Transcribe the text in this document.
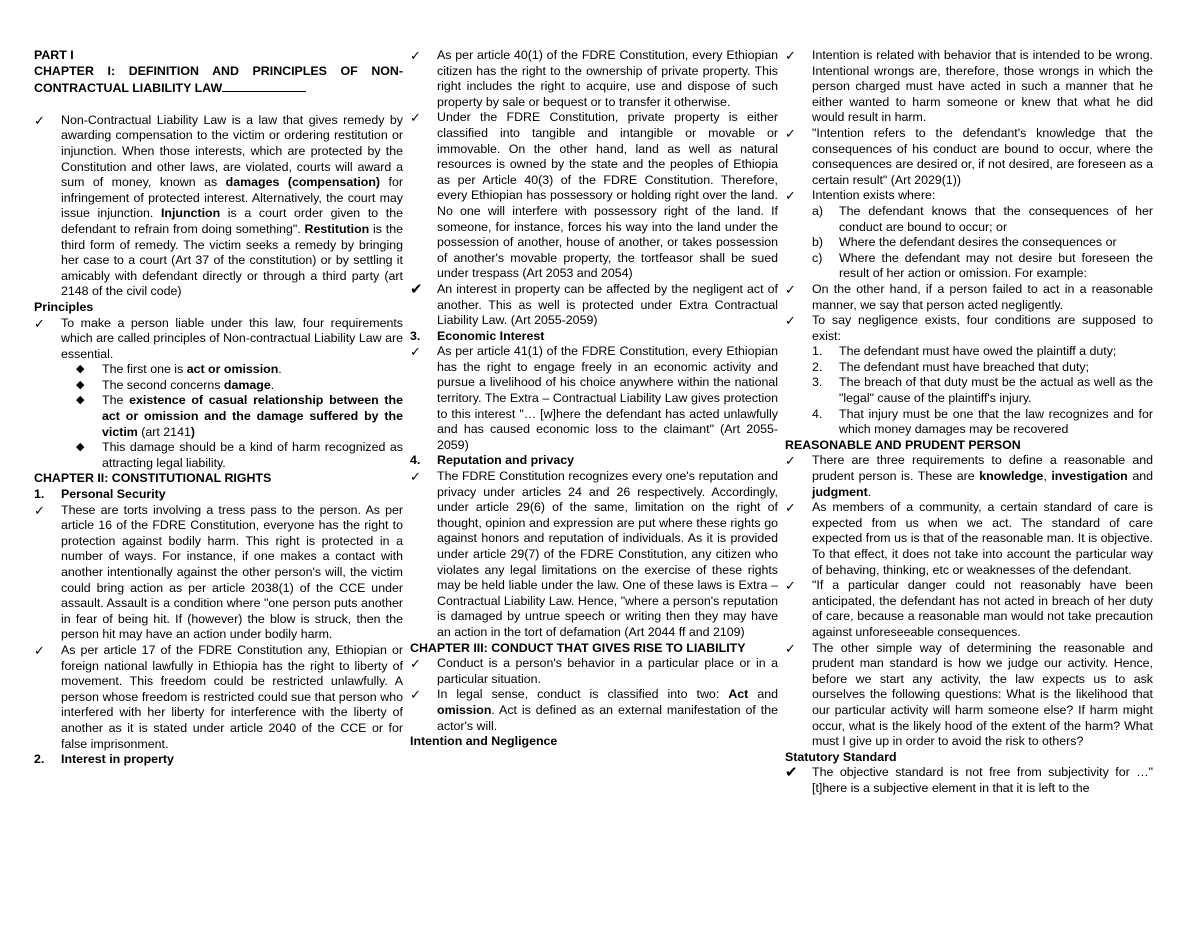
PART I

CHAPTER I: DEFINITION AND PRINCIPLES OF NON-CONTRACTUAL LIABILITY LAW

✓ Non-Contractual Liability Law is a law that gives remedy by awarding compensation to the victim or ordering restitution or injunction. When those interests, which are protected by the Constitution and other laws, are violated, courts will award a sum of money, known as damages (compensation) for infringement of protected interest. Alternatively, the court may issue injunction. Injunction is a court order given to the defendant to refrain from doing something". Restitution is the third form of remedy. The victim seeks a remedy by bringing her case to a court (Art 37 of the constitution) or by settling it amicably with defendant directly or through a third party (art 2148 of the civil code)

Principles

✓ To make a person liable under this law, four requirements which are called principles of Non-contractual Liability Law are essential.
◆ The first one is act or omission.
◆ The second concerns damage.
◆ The existence of casual relationship between the act or omission and the damage suffered by the victim (art 2141)
◆ This damage should be a kind of harm recognized as attracting legal liability.

CHAPTER II: CONSTITUTIONAL RIGHTS

1. Personal Security
✓ These are torts involving a tress pass to the person. As per article 16 of the FDRE Constitution, everyone has the right to protection against bodily harm. This right is protected in a number of ways. For instance, if one makes a contact with another intentionally against the other person's will, the victim could bring action as per article 2038(1) of the CCE under assault. Assault is a condition where "one person puts another in fear of being hit. If (however) the blow is struck, then the person hit may have an action under bodily harm.
✓ As per article 17 of the FDRE Constitution any, Ethiopian or foreign national lawfully in Ethiopia has the right to liberty of movement. This freedom could be restricted unlawfully. A person whose freedom is restricted could sue that person who interfered with her liberty for interference with the liberty of another as it is stated under article 2040 of the CCE or for false imprisonment.
2. Interest in property
✓ As per article 40(1) of the FDRE Constitution, every Ethiopian citizen has the right to the ownership of private property. This right includes the right to acquire, use and dispose of such property by sale or bequest or to transfer it otherwise.
✓ Under the FDRE Constitution, private property is either classified into tangible and intangible or movable or immovable. On the other hand, land as well as natural resources is owned by the state and the peoples of Ethiopia as per Article 40(3) of the FDRE Constitution. Therefore, every Ethiopian has possessory or holding right over the land. No one will interfere with possessory right of the land. If someone, for instance, forces his way into the land under the possession of another, house of another, or takes possession of another's movable property, the tortfeasor shall be sued under trespass (Art 2053 and 2054)
✔ An interest in property can be affected by the negligent act of another. This as well is protected under Extra Contractual Liability Law. (Art 2055-2059)
3. Economic Interest
✓ As per article 41(1) of the FDRE Constitution, every Ethiopian has the right to engage freely in an economic activity and pursue a livelihood of his choice anywhere within the national territory. The Extra – Contractual Liability Law gives protection to this interest "… [w]here the defendant has acted unlawfully and has caused economic loss to the claimant" (Art 2055-2059)
4. Reputation and privacy
✓ The FDRE Constitution recognizes every one's reputation and privacy under articles 24 and 26 respectively. Accordingly, under article 29(6) of the same, limitation on the right of thought, opinion and expression are put where these rights go against honors and reputation of individuals. As it is provided under article 29(7) of the FDRE Constitution, any citizen who violates any legal limitations on the exercise of these rights may be held liable under the law. One of these laws is Extra – Contractual Liability Law. Hence, "where a person's reputation is damaged by untrue speech or writing then they may have an action in the tort of defamation (Art 2044 ff and 2109)

CHAPTER III: CONDUCT THAT GIVES RISE TO LIABILITY

✓ Conduct is a person's behavior in a particular place or in a particular situation.
✓ In legal sense, conduct is classified into two: Act and omission. Act is defined as an external manifestation of the actor's will.

Intention and Negligence

✓ Intention is related with behavior that is intended to be wrong. Intentional wrongs are, therefore, those wrongs in which the person charged must have acted in such a manner that he either wanted to harm someone or knew that what he did would result in harm.
✓ "Intention refers to the defendant's knowledge that the consequences of his conduct are bound to occur, where the consequences are desired or, if not desired, are foreseen as a certain result" (Art 2029(1))
✓ Intention exists where:
a) The defendant knows that the consequences of her conduct are bound to occur; or
b) Where the defendant desires the consequences or
c) Where the defendant may not desire but foreseen the result of her action or omission. For example:
✓ On the other hand, if a person failed to act in a reasonable manner, we say that person acted negligently.
✓ To say negligence exists, four conditions are supposed to exist:
1. The defendant must have owed the plaintiff a duty;
2. The defendant must have breached that duty;
3. The breach of that duty must be the actual as well as the "legal" cause of the plaintiff's injury.
4. That injury must be one that the law recognizes and for which money damages may be recovered

REASONABLE AND PRUDENT PERSON

✓ There are three requirements to define a reasonable and prudent person is. These are knowledge, investigation and judgment.
✓ As members of a community, a certain standard of care is expected from us when we act. The standard of care expected from us is that of the reasonable man. It is objective. To that effect, it does not take into account the particular way of behaving, thinking, etc or weaknesses of the defendant.
✓ "If a particular danger could not reasonably have been anticipated, the defendant has not acted in breach of her duty of care, because a reasonable man would not take precaution against unforeseeable consequences.
✓ The other simple way of determining the reasonable and prudent man standard is how we judge our activity. Hence, before we start any activity, the law expects us to ask ourselves the following questions: What is the likelihood that our particular activity will harm someone else? If harm might occur, what is the likely hood of the extent of the harm? What must I give up in order to avoid the risk to others?

Statutory Standard

✔ The objective standard is not free from subjectivity for …"[t]here is a subjective element in that it is left to the
